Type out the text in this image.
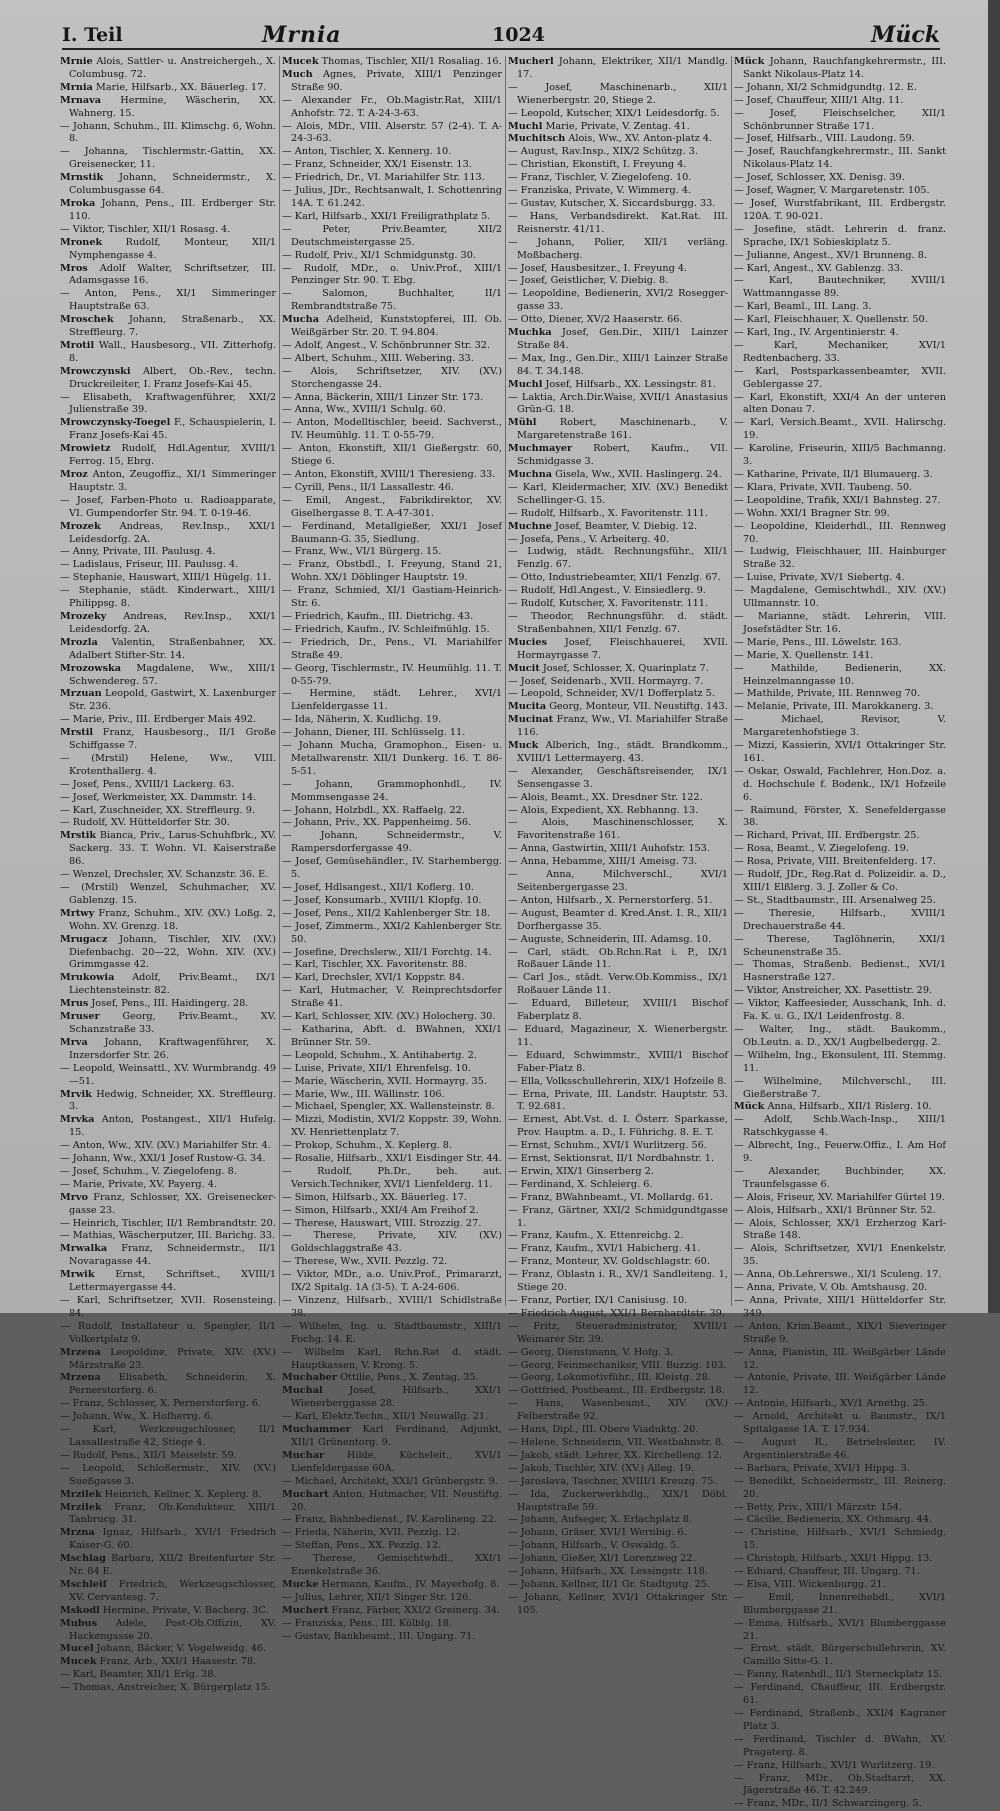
I. Teil	Mrnia	1024	Mück

Mrnie Alois, Sattler- u. Anstreichergeh., X. Columbusg. 72.

Mrnia Marie, Hilfsarb., XX. Bäuerleg. 17.

Mrnava Hermine, Wäscherin, XX. Wahnerg. 15.

— Johann, Schuhm., III. Klimschg. 6, Wohn. 8.

— Johanna, Tischlermstr.-Gattin, XX. Greisenecker, 11.

Mrnstik Johann, Schneidermstr., X. Columbusgasse 64.

Mroka Johann, Pens., III. Erdberger Str. 110.

— Viktor, Tischler, XII/1 Rosasg. 4.

Mronek Rudolf, Monteur, XII/1 Nymphengasse 4.

Mros Adolf Walter, Schriftsetzer, III. Adamsgasse 16.

— Anton, Pens., XI/1 Simmeringer Hauptstraße 63.

Mroschek Johann, Straßenarb., XX. Streffleurg. 7.

Mrotil Wall., Hausbesorg., VII. Zitterhofg. 8.

Mrowczynski Albert, Ob.-Rev., techn. Druckreileiter, I. Franz Josefs-Kai 45.

— Elisabeth, Kraftwagenführer, XXI/2 Julienstraße 39.

Mrowczynsky-Toegel F., Schauspielerin, I. Franz Josefs-Kai 45.

Mrowietz Rudolf, Hdl.Agentur, XVIII/1 Ferrog. 15, Ebrg.

Mroz Anton, Zeugoffiz., XI/1 Simmeringer Hauptstr. 3.

— Josef, Farben-Photo u. Radioapparate, VI. Gumpendorfer Str. 94. T. 0-19-46.

Mrozek Andreas, Rev.Insp., XXI/1 Leidesdorfg. 2A.

— Anny, Private, III. Paulusg. 4.

— Ladislaus, Friseur, III. Paulusg. 4.

— Stephanie, Hauswart, XIII/1 Hügelg. 11.

— Stephanie, städt. Kinderwart., XIII/1 Philippsg. 8.

Mrozeky Andreas, Rev.Insp., XXI/1 Leidesdorfg. 2A.

Mrozla Valentin, Straßenbahner, XX. Adalbert Stifter-Str. 14.

Mrozowska Magdalene, Ww., XIII/1 Schwendereg. 57.

Mrzuan Leopold, Gastwirt, X. Laxenburger Str. 236.

— Marie, Priv., III. Erdberger Mais 492.

Mrstil Franz, Hausbesorg., II/1 Große Schiffgasse 7.

— (Mrstil) Helene, Ww., VIII. Krotenthallerg. 4.

— Josef, Pens., XVIII/1 Lackerg. 63.

— Josef, Werkmeister, XX. Dammstr. 14.

— Karl, Zuschneider, XX. Streffleurg. 9.

— Rudolf, XV. Hütteldorfer Str. 30.

Mrstik Bianca, Priv., Larus-Schuhfbrk., XV. Sackerg. 33. T. Wohn. VI. Kaiserstraße 86.

— Wenzel, Drechsler, XV. Schanzstr. 36. E.

— (Mrstil) Wenzel, Schuhmacher, XV. Gablenzg. 15.

Mrtwy Franz, Schuhm., XIV. (XV.) Loßg. 2, Wohn. XV. Grenzg. 18.

Mrugacz Johann, Tischler, XIV. (XV.) Diefenbachg. 20—22, Wohn. XIV. (XV.) Grimmgasse 42.

Mrukowia Adolf, Priv.Beamt., IX/1 Liechtensteinstr. 82.

Mrus Josef, Pens., III. Haidingerg. 28.

Mruser Georg, Priv.Beamt., XV. Schanzstraße 33.

Mrva Johann, Kraftwagenführer, X. Inzersdorfer Str. 26.

— Leopold, Weinsattl., XV. Wurmbrandg. 49—51.

Mrvik Hedwig, Schneider, XX. Streffleurg. 3.

Mrvka Anton, Postangest., XII/1 Hufelg. 15.

— Anton, Ww., XIV. (XV.) Mariahilfer Str. 4.

— Johann, Ww., XXI/1 Josef Rustow-G. 34.

— Josef, Schuhm., V. Ziegelofeng. 8.

— Marie, Private, XV. Payerg. 4.

Mrvo Franz, Schlosser, XX. Greisenecker-gasse 23.

— Heinrich, Tischler, II/1 Rembrandtstr. 20.

— Mathias, Wäscherputzer, III. Barichg. 33.

Mrwalka Franz, Schneidermstr., II/1 Novaragasse 44.

Mrwik Ernst, Schriftset., XVIII/1 Lettermayergasse 44.

— Karl, Schriftsetzer, XVII. Rosensteing. 84.

— Rudolf, Installateur u. Spengler, II/1 Volkertplatz 9.

Mrzena Leopoldine, Private, XIV. (XV.) Märzstraße 23.

Mrzena Elisabeth, Schneiderin, X. Pernerstorferg. 6.

— Franz, Schlosser, X. Pernerstorferg. 6.

— Johann, Ww., X. Hofherrg. 6.

— Karl, Werkzeugschlosser, II/1 Lassallestraße 42, Stiege 4.

— Rudolf, Pens., XII/1 Meiselstr. 59.

— Leopold, Schloßermstr., XIV. (XV.) Sueßgasse 3.

Mrzilek Heinrich, Kellner, X. Keplerg. 8.

Mrzilek Franz, Ob.Kondukteur, XIII/1 Tanbrucg. 31.

Mrzna Ignaz, Hilfsarb., XVI/1 Friedrich Kaiser-G. 60.

Mschlag Barbara, XII/2 Breitenfurter Str. Nr. 84 E.

Mschleif Friedrich, Werkzeugschlosser, XV. Cervantesg. 7.

Mskodl Hermine, Private, V. Bacherg. 3C.

Mubus Adele, Post-Ob.Offizin, XV. Hackengasse 20.

Mucel Johann, Bäcker, V. Vogelweidg. 46.

Mucek Franz, Arb., XXI/1 Haasestr. 78.

— Karl, Beamter, XII/1 Erlg. 38.

— Thomas, Anstreicher, X. Bürgerplatz 15.

Mucek Thomas, Tischler, XII/1 Rosaliag. 16.

Much Agnes, Private, XIII/1 Penzinger Straße 90.

— Alexander Fr., Ob.Magistr.Rat, XIII/1 Anhofstr. 72. T. A-24-3-63.

— Alois, MDr., VIII. Alserstr. 57 (2-4). T. A-24-3-63.

— Anton, Tischler, X. Kennerg. 10.

— Franz, Schneider, XX/1 Eisenstr. 13.

— Friedrich, Dr., VI. Mariahilfer Str. 113.

— Julius, JDr., Rechtsanwalt, I. Schottenring 14A. T. 61.242.

— Karl, Hilfsarb., XXI/1 Freiligrathplatz 5.

— Peter, Priv.Beamter, XII/2 Deutschmeistergasse 25.

— Rudolf, Priv., XI/1 Schmidgunstg. 30.

— Rudolf, MDr., o. Univ.Prof., XIII/1 Penzinger Str. 90. T. Ebg.

— Salomon, Buchhalter, II/1 Rembrandtstraße 75.

Mucha Adelheid, Kunststopferei, III. Ob. Weißgärber Str. 20. T. 94.804.

— Adolf, Angest., V. Schönbrunner Str. 32.

— Albert, Schuhm., XIII. Webering. 33.

— Alois, Schriftsetzer, XIV. (XV.) Storchengasse 24.

— Anna, Bäckerin, XIII/1 Linzer Str. 173.

— Anna, Ww., XVIII/1 Schulg. 60.

— Anton, Modelltischler, beeid. Sachverst., IV. Heumühlg. 11. T. 0-55-79.

— Anton, Ekonstift, XII/1 Gießergstr. 60, Stiege 6.

— Anton, Ekonstift, XVIII/1 Theresieng. 33.

— Cyrill, Pens., II/1 Lassallestr. 46.

— Emil, Angest., Fabrikdirektor, XV. Giselhergasse 8. T. A-47-301.

— Ferdinand, Metallgießer, XXI/1 Josef Baumann-G. 35, Siedlung.

— Franz, Ww., VI/1 Bürgerg. 15.

— Franz, Obstbdl., I. Freyung, Stand 21, Wohn. XX/1 Döblinger Hauptstr. 19.

— Franz, Schmied, XI/1 Gastiam-Heinrich-Str. 6.

— Friedrich, Kaufm., III. Dietrichg. 43.

— Friedrich, Kaufm., IV. Schleifmühlg. 15.

— Friedrich, Dr., Pens., VI. Mariahilfer Straße 49.

— Georg, Tischlermstr., IV. Heumühlg. 11. T. 0-55-79.

— Hermine, städt. Lehrer., XVI/1 Lienfeldergasse 11.

— Ida, Näherin, X. Kudlichg. 19.

— Johann, Diener, III. Schlüsselg. 11.

— Johann Mucha, Gramophon., Eisen- u. Metallwarenstr. XII/1 Dunkerg. 16. T. 86-5-51.

— Johann, Grammophonhdl., IV. Mommsengasse 24.

— Johann, Holzbdl., XX. Raffaelg. 22.

— Johann, Priv., XX. Pappenheimg. 56.

— Johann, Schneidermstr., V. Rampersdorfergasse 49.

— Josef, Gemüsehändler., IV. Starhembergg. 5.

— Josef, Hdlsangest., XII/1 Koflerg. 10.

— Josef, Konsumarb., XVIII/1 Klopfg. 10.

— Josef, Pens., XII/2 Kahlenberger Str. 18.

— Josef, Zimmerm., XXI/2 Kahlenberger Str. 50.

— Josefine, Drechslerw., XII/1 Forchtg. 14.

— Karl, Tischler, XX. Favoritenstr. 88.

— Karl, Drechsler, XVI/1 Koppstr. 84.

— Karl, Hutmacher, V. Reinprechtsdorfer Straße 41.

— Karl, Schlosser, XIV. (XV.) Holocherg. 30.

— Katharina, Abft. d. BWahnen, XXI/1 Brünner Str. 59.

— Leopold, Schuhm., X. Antihabertg. 2.

— Luise, Private, XII/1 Ehrenfelsg. 10.

— Marie, Wäscherin, XVII. Hormayrg. 35.

— Marie, Ww., III. Wällinstr. 106.

— Michael, Spengler, XX. Wallensteinstr. 8.

— Mizzi, Modistin, XVI/2 Koppstr. 39, Wohn. XV. Henriettenplatz 7.

— Prokop, Schuhm., X. Keplerg. 8.

— Rosalie, Hilfsarb., XXI/1 Eisdinger Str. 44.

— Rudolf, Ph.Dr., beh. aut. Versich.Techniker, XVI/1 Lienfelderg. 11.

— Simon, Hilfsarb., XX. Bäuerleg. 17.

— Simon, Hilfsarb., XXI/4 Am Freihof 2.

— Therese, Hauswart, VIII. Strozzig. 27.

— Therese, Private, XIV. (XV.) Goldschlaggstraße 43.

— Therese, Ww., XVII. Pezzlg. 72.

— Viktor, MDr., a.o. Univ.Prof., Primararzt, IX/2 Spitalg. 1A (3-5). T. A-24-606.

— Vinzenz, Hilfsarb., XVIII/1 Schidlstraße 38.

— Wilhelm, Ing. u. Stadtbaumstr., XIII/1 Fochg. 14. E.

— Wilhelm Karl, Rchn.Rat d. städt. Hauptkassen, V. Krong. 5.

Muchaber Ottilie, Pens., X. Zentag. 35.

Muchal Josef, Hilfsarb., XXI/1 Wienerberggasse 28.

— Karl, Elektr.Techn., XII/1 Neuwallg. 21.

Muchammer Karl Ferdinand, Adjunkt, XII/1 Grünentorg. 9.

Muchar Hilde, Kücheleit., XVI/1 Lienfeldergasse 60A.

— Michael, Architekt, XXI/1 Grünbergstr. 9.

Muchart Anton, Hutmacher, VII. Neustiftg. 20.

— Franz, Bahnbedienst., IV. Karolineng. 22.

— Frieda, Näherin, XVII. Pezzlg. 12.

— Steffan, Pens., XX. Pezzlg. 12.

— Therese, Gemischtwhdl., XXI/1 Enenkelstraße 36.

Mucke Hermann, Kaufm., IV. Mayerhofg. 8.

— Julius, Lehrer, XII/1 Singer Str. 126.

Muchert Franz, Färber, XXI/2 Greinerg. 34.

— Franziska, Pens., III. Kölblg. 18.

— Gustav, Bankbeamt., III. Ungarg. 71.

Mucherl Johann, Elektriker, XII/1 Mandlg. 17.

— Josef, Maschinenarb., XII/1 Wienerbergstr. 20, Stiege 2.

— Leopold, Kutscher, XIX/1 Leidesdorfg. 5.

Muchl Marie, Private, V. Zentag. 41.

Muchitsch Alois, Ww., XV. Anton-platz 4.

— August, Rav.Insp., XIX/2 Schützg. 3.

— Christian, Ekonstift, I. Freyung 4.

— Franz, Tischler, V. Ziegelofeng. 10.

— Franziska, Private, V. Wimmerg. 4.

— Gustav, Kutscher, X. Siccardsburgg. 33.

— Hans, Verbandsdirekt. Kat.Rat. III. Reisnerstr. 41/11.

— Johann, Polier, XII/1 verläng. Moßbacherg.

— Josef, Hausbesitzer., I. Freyung 4.

— Josef, Geistlicher, V. Diebig. 8.

— Leopoldine, Bedienerin, XVI/2 Rosegger-gasse 33.

— Otto, Diener, XV/2 Haaserstr. 66.

Muchka Josef, Gen.Dir., XIII/1 Lainzer Straße 84.

— Max, Ing., Gen.Dir., XIII/1 Lainzer Straße 84. T. 34.148.

Muchl Josef, Hilfsarb., XX. Lessingstr. 81.

— Laktia, Arch.Dir.Waise, XVII/1 Anastasius Grün-G. 18.

Mühl Robert, Maschinenarb., V. Margaretenstraße 161.

Muchmayer Robert, Kaufm., VII. Schmidgasse 3.

Muchna Gisela, Ww., XVII. Haslingerg. 24.

— Karl, Kleidermacher, XIV. (XV.) Benedikt Schellinger-G. 15.

— Rudolf, Hilfsarb., X. Favoritenstr. 111.

Muchne Josef, Beamter, V. Diebig. 12.

— Josefa, Pens., V. Arbeiterg. 40.

— Ludwig, städt. Rechnungsführ., XII/1 Fenzlg. 67.

— Otto, Industriebeamter, XII/1 Fenzlg. 67.

— Rudolf, Hdl.Angest., V. Einsiedlerg. 9.

— Rudolf, Kutscher, X. Favoritenstr. 111.

— Theodor, Rechnungsführ. d. städt. Straßenbahnen, XII/1 Fenzlg. 67.

Mucies Josef, Fleischhauerei, XVII. Hormayrgasse 7.

Mucit Josef, Schlosser, X. Quarinplatz 7.

— Josef, Seidenarb., XVII. Hormayrg. 7.

— Leopold, Schneider, XV/1 Dofferplatz 5.

Mucita Georg, Monteur, VII. Neustiftg. 143.

Mucinat Franz, Ww., VI. Mariahilfer Straße 116.

Muck Alberich, Ing., städt. Brandkomm., XVIII/1 Lettermayerg. 43.

— Alexander, Geschäftsreisender, IX/1 Sensengasse 3.

— Alois, Beamt., XX. Dresdner Str. 122.

— Alois, Expedient, XX. Rebhanng. 13.

— Alois, Maschinenschlosser, X. Favoritenstraße 161.

— Anna, Gastwirtin, XIII/1 Auhofstr. 153.

— Anna, Hebamme, XIII/1 Ameisg. 73.

— Anna, Milchverschl., XVI/1 Seitenbergergasse 23.

— Anton, Hilfsarb., X. Pernerstorferg. 51.

— August, Beamter d. Kred.Anst. I. R., XII/1 Dorfhergasse 35.

— Auguste, Schneiderin, III. Adamsg. 10.

— Carl, städt. Ob.Rchn.Rat i. P., IX/1 Roßauer Lände 11.

— Carl Jos., städt. Verw.Ob.Kommiss., IX/1 Roßauer Lände 11.

— Eduard, Billeteur, XVIII/1 Bischof Faberplatz 8.

— Eduard, Magazineur, X. Wienerbergstr. 11.

— Eduard, Schwimmstr., XVIII/1 Bischof Faber-Platz 8.

— Ella, Volksschullehrerin, XIX/1 Hofzeile 8.

— Erna, Private, III. Landstr. Hauptstr. 53. T. 92.681.

— Ernest, Abt.Vst. d. I. Österr. Sparkasse, Prov. Hauptm. a. D., I. Führichg. 8. E. T.

— Ernst, Schuhm., XVI/1 Wurlitzerg. 56.

— Ernst, Sektionsrat, II/1 Nordbahnstr. 1.

— Erwin, XIX/1 Ginserberg 2.

— Ferdinand, X. Schleierg. 6.

— Franz, BWahnbeamt., VI. Mollardg. 61.

— Franz, Gärtner, XXI/2 Schmidgundtgasse 1.

— Franz, Kaufm., X. Ettenreichg. 2.

— Franz, Kaufm., XVI/1 Habicherg. 41.

— Franz, Monteur, XV. Goldschlagstr. 60.

— Franz, Oblastn i. R., XV/1 Sandleiteng. 1, Stiege 20.

— Franz, Portier, IX/1 Canisiusg. 10.

— Friedrich August, XXI/1 Bernhardtstr. 39.

— Fritz, Steueradministrator, XVIII/1 Weimarer Str. 39.

— Georg, Dienstmann, V. Hofg. 3.

— Georg, Feinmechaniker, VIII. Buzzig. 103.

— Georg, Lokomotivführ., III. Kleistg. 28.

— Gottfried, Postbeamt., III. Erdbergstr. 18.

— Hans, Wasenbeamt., XIV. (XV.) Felberstraße 92.

— Hans, Dipl., III. Obere Viaduktg. 20.

— Helene, Schneiderin, VII. Westbahnstr. 8.

— Jakob, städt. Lehrer, XX. Kirchelleng. 12.

— Jakob, Tischler, XIV. (XV.) Alleg. 19.

— Jaroslava, Taschner, XVIII/1 Kreuzg. 75.

— Ida, Zuckerwerkhdlg., XIX/1 Döbl. Hauptstraße 59.

— Johann, Aufseger, X. Erlachplatz 8.

— Johann, Gräser, XVI/1 Wernbig. 6.

— Johann, Hilfsarb., V. Oswaldg. 5.

— Johann, Gießer, XI/1 Lorenzweg 22.

— Johann, Hilfsarb., XX. Lessingstr. 118.

— Johann, Kellner, II/1 Gr. Stadtgutg. 25.

— Johann, Kellner, XVI/1 Ottakringer Str. 105.

Mück Johann, Rauchfangkehrermstr., III. Sankt Nikolaus-Platz 14.

— Johann, XI/2 Schmidgundtg. 12. E.

— Josef, Chauffeur, XIII/1 Altg. 11.

— Josef, Fleischselcher, XII/1 Schönbrunner Straße 171.

— Josef, Hilfsarb., VIII. Laudong. 59.

— Josef, Rauchfangkehrermstr., III. Sankt Nikolaus-Platz 14.

— Josef, Schlosser, XX. Denisg. 39.

— Josef, Wagner, V. Margaretenstr. 105.

— Josef, Wurstfabrikant, III. Erdbergstr. 120A. T. 90-021.

— Josefine, städt. Lehrerin d. franz. Sprache, IX/1 Sobieskiplatz 5.

— Julianne, Angest., XV/1 Brunneng. 8.

— Karl, Angest., XV. Gablenzg. 33.

— Karl, Bautechniker, XVIII/1 Wattmanngasse 89.

— Karl, Beaml., III. Lang. 3.

— Karl, Fleischhauer, X. Quellenstr. 50.

— Karl, Ing., IV. Argentinierstr. 4.

— Karl, Mechaniker, XVI/1 Redtenbacherg. 33.

— Karl, Postsparkassenbeamter, XVII. Geblergasse 27.

— Karl, Ekonstift, XXI/4 An der unteren alten Donau 7.

— Karl, Versich.Beamt., XVII. Halirschg. 19.

— Karoline, Friseurin, XIII/5 Bachmanng. 3.

— Katharine, Private, II/1 Blumauerg. 3.

— Klara, Private, XVII. Taubeng. 50.

— Leopoldine, Trafik, XXI/1 Bahnsteg. 27.

— Wohn. XXI/1 Bragner Str. 99.

— Leopoldine, Kleiderhdl., III. Rennweg 70.

— Ludwig, Fleischhauer, III. Hainburger Straße 32.

— Luise, Private, XV/1 Siebertg. 4.

— Magdalene, Gemischtwhdl., XIV. (XV.) Ullmannstr. 10.

— Marianne, städt. Lehrerin, VIII. Josefstädter Str. 16.

— Marie, Pens., III. Löwelstr. 163.

— Marie, X. Quellenstr. 141.

— Mathilde, Bedienerin, XX. Heinzelmanngasse 10.

— Mathilde, Private, III. Rennweg 70.

— Melanie, Private, III. Marokkanerg. 3.

— Michael, Revisor, V. Margaretenhofstiege 3.

— Mizzi, Kassierin, XVI/1 Ottakringer Str. 161.

— Oskar, Oswald, Fachlehrer, Hon.Doz. a. d. Hochschule f. Bodenk., IX/1 Hofzeile 6.

— Raimund, Förster, X. Senefeldergasse 38.

— Richard, Privat, III. Erdbergstr. 25.

— Rosa, Beamt., V. Ziegelofeng. 19.

— Rosa, Private, VIII. Breitenfelderg. 17.

— Rudolf, JDr., Reg.Rat d. Polizeidir. a. D., XIII/1 Elßlerg. 3. J. Zoller & Co.

— St., Stadtbaumstr., III. Arsenalweg 25.

— Theresie, Hilfsarb., XVIII/1 Drechauerstraße 44.

— Therese, Taglöhnerin, XXI/1 Scheunenstraße 35.

— Thomas, Straßenb. Bedienst., XVI/1 Hasnerstraße 127.

— Viktor, Anstreicher, XX. Pasettistr. 29.

— Viktor, Kaffeesieder, Ausschank, Inh. d. Fa. K. u. G., IX/1 Leidenfrostg. 8.

— Walter, Ing., städt. Baukomm., Ob.Leutn. a. D., XX/1 Augbelbedergg. 2.

— Wilhelm, Ing., Ekonsulent, III. Stemmg. 11.

— Wilhelmine, Milchverschl., III. Gießerstraße 7.

Mück Anna, Hilfsarb., XII/1 Rislerg. 10.

— Adolf, Schb.Wach-Insp., XIII/1 Ratschkygasse 4.

— Albrecht, Ing., Feuerw.Offiz., I. Am Hof 9.

— Alexander, Buchbinder, XX. Traunfelsgasse 6.

— Alois, Friseur, XV. Mariahilfer Gürtel 19.

— Alois, Hilfsarb., XXI/1 Brünner Str. 52.

— Alois, Schlosser, XX/1 Erzherzog Karl-Straße 148.

— Alois, Schriftsetzer, XVI/1 Enenkelstr. 35.

— Anna, Ob.Lehrerswe., XI/1 Sculeng. 17.

— Anna, Private, V. Ob. Amtshausg. 20.

— Anna, Private, XIII/1 Hütteldorfer Str. 349.

— Anton, Krim.Beamt., XIX/1 Sieveringer Straße 9.

— Anna, Pianistin, III. Weißgärber Lände 12.

— Antonie, Private, III. Weißgärber Lände 12.

— Antonie, Hilfsarb., XV/1 Arnethg. 25.

— Arnold, Architekt u. Baumstr., IX/1 Spitalgasse 1A. T. 17.934.

— August R., Betriebsleiter, IV. Argentinierstraße 46.

— Barbara, Private, XVI/1 Hippg. 3.

— Benedikt, Schneidermstr., III. Reinerg. 20.

— Betty, Priv., XIII/1 Märzstr. 154.

— Cäcilie, Bedienerin, XX. Othmarg. 44.

— Christine, Hilfsarb., XVI/1 Schmiedg. 15.

— Christoph, Hilfsarb., XXI/1 Hippg. 13.

— Eduard, Chauffeur, III. Ungarg. 71.

— Elsa, VIII. Wickenburgg. 21.

— Emil, Innenreihebdl., XVI/1 Blumberggasse 21.

— Emma, Hilfsarb., XVI/1 Blumberggasse 21.

— Ernst, städt. Bürgerschullehrerin, XV. Camillo Sitte-G. 1.

— Fanny, Ratenhdl., II/1 Sterneckplatz 15.

— Ferdinand, Chauffeur, III. Erdbergstr. 61.

— Ferdinand, Straßenb., XXI/4 Kagraner Platz 3.

— Ferdinand, Tischler d. BWahn, XV. Pragaterg. 8.

— Franz, Hilfsarb., XVI/1 Wurlitzerg. 19.

— Franz, MDr., Ob.Stadtarzt, XX. Jägerstraße 46. T. 42.249.

— Franz, MDr., II/1 Schwarzingerg. 5.
